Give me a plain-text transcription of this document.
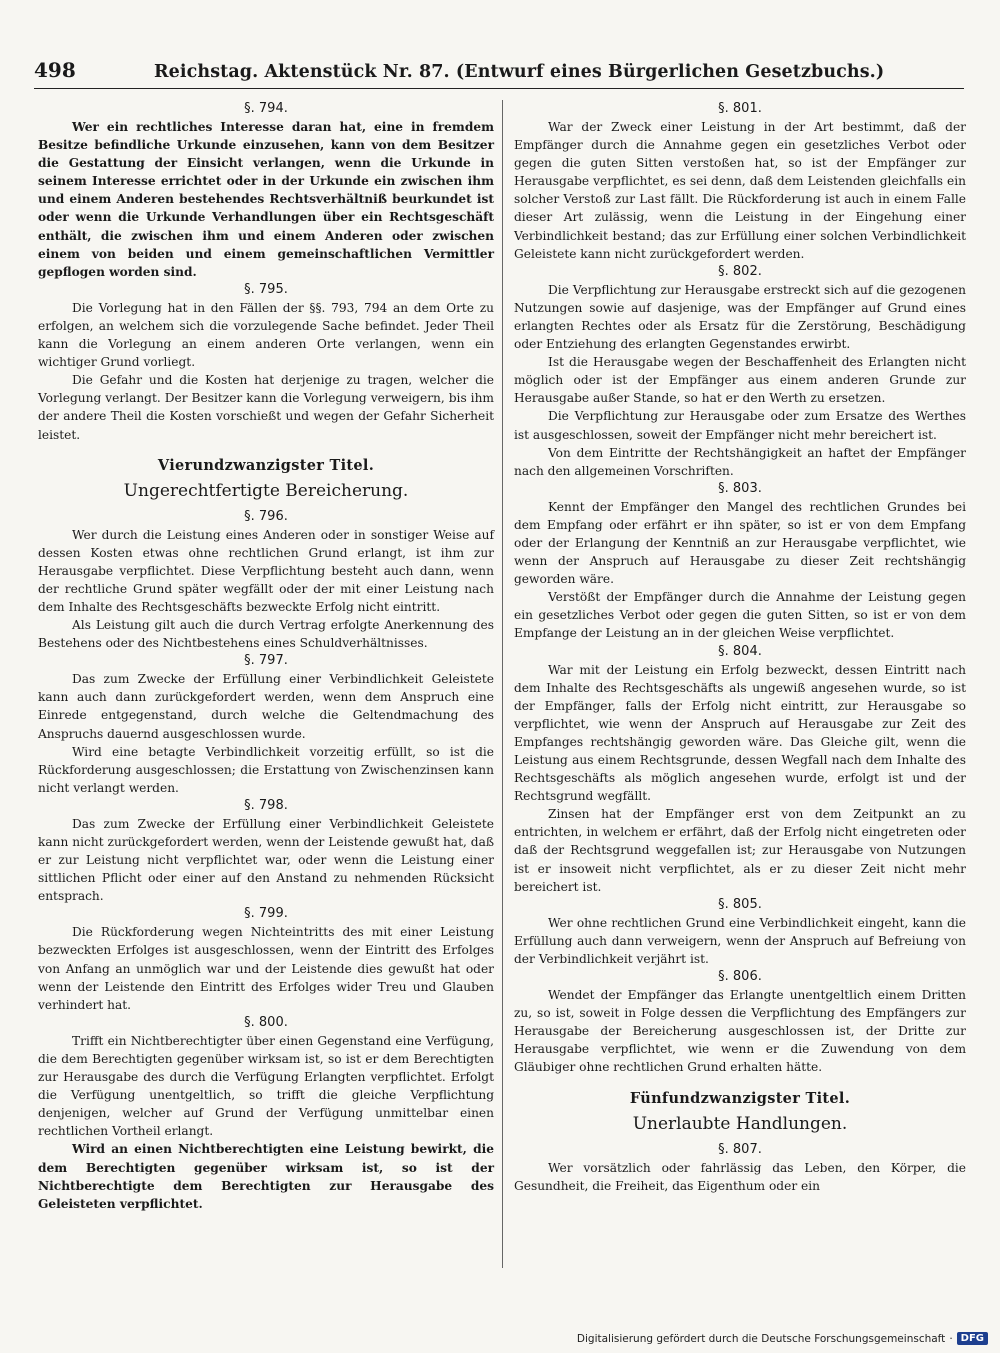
498	Reichstag. Aktenstück Nr. 87. (Entwurf eines Bürgerlichen Gesetzbuchs.)

§. 794.

Wer ein rechtliches Interesse daran hat, eine in fremdem Besitze befindliche Urkunde einzusehen, kann von dem Besitzer die Gestattung der Einsicht verlangen, wenn die Urkunde in seinem Interesse errichtet oder in der Urkunde ein zwischen ihm und einem Anderen bestehendes Rechtsverhältniß beurkundet ist oder wenn die Urkunde Verhandlungen über ein Rechtsgeschäft enthält, die zwischen ihm und einem Anderen oder zwischen einem von beiden und einem gemeinschaftlichen Vermittler gepflogen worden sind.

§. 795.

Die Vorlegung hat in den Fällen der §§. 793, 794 an dem Orte zu erfolgen, an welchem sich die vorzulegende Sache befindet. Jeder Theil kann die Vorlegung an einem anderen Orte verlangen, wenn ein wichtiger Grund vorliegt.

Die Gefahr und die Kosten hat derjenige zu tragen, welcher die Vorlegung verlangt. Der Besitzer kann die Vorlegung verweigern, bis ihm der andere Theil die Kosten vorschießt und wegen der Gefahr Sicherheit leistet.

Vierundzwanzigster Titel.

Ungerechtfertigte Bereicherung.

§. 796.

Wer durch die Leistung eines Anderen oder in sonstiger Weise auf dessen Kosten etwas ohne rechtlichen Grund erlangt, ist ihm zur Herausgabe verpflichtet. Diese Verpflichtung besteht auch dann, wenn der rechtliche Grund später wegfällt oder der mit einer Leistung nach dem Inhalte des Rechtsgeschäfts bezweckte Erfolg nicht eintritt.

Als Leistung gilt auch die durch Vertrag erfolgte Anerkennung des Bestehens oder des Nichtbestehens eines Schuldverhältnisses.

§. 797.

Das zum Zwecke der Erfüllung einer Verbindlichkeit Geleistete kann auch dann zurückgefordert werden, wenn dem Anspruch eine Einrede entgegenstand, durch welche die Geltendmachung des Anspruchs dauernd ausgeschlossen wurde.

Wird eine betagte Verbindlichkeit vorzeitig erfüllt, so ist die Rückforderung ausgeschlossen; die Erstattung von Zwischenzinsen kann nicht verlangt werden.

§. 798.

Das zum Zwecke der Erfüllung einer Verbindlichkeit Geleistete kann nicht zurückgefordert werden, wenn der Leistende gewußt hat, daß er zur Leistung nicht verpflichtet war, oder wenn die Leistung einer sittlichen Pflicht oder einer auf den Anstand zu nehmenden Rücksicht entsprach.

§. 799.

Die Rückforderung wegen Nichteintritts des mit einer Leistung bezweckten Erfolges ist ausgeschlossen, wenn der Eintritt des Erfolges von Anfang an unmöglich war und der Leistende dies gewußt hat oder wenn der Leistende den Eintritt des Erfolges wider Treu und Glauben verhindert hat.

§. 800.

Trifft ein Nichtberechtigter über einen Gegenstand eine Verfügung, die dem Berechtigten gegenüber wirksam ist, so ist er dem Berechtigten zur Herausgabe des durch die Verfügung Erlangten verpflichtet. Erfolgt die Verfügung unentgeltlich, so trifft die gleiche Verpflichtung denjenigen, welcher auf Grund der Verfügung unmittelbar einen rechtlichen Vortheil erlangt.

Wird an einen Nichtberechtigten eine Leistung bewirkt, die dem Berechtigten gegenüber wirksam ist, so ist der Nichtberechtigte dem Berechtigten zur Herausgabe des Geleisteten verpflichtet.

§. 801.

War der Zweck einer Leistung in der Art bestimmt, daß der Empfänger durch die Annahme gegen ein gesetzliches Verbot oder gegen die guten Sitten verstoßen hat, so ist der Empfänger zur Herausgabe verpflichtet, es sei denn, daß dem Leistenden gleichfalls ein solcher Verstoß zur Last fällt. Die Rückforderung ist auch in einem Falle dieser Art zulässig, wenn die Leistung in der Eingehung einer Verbindlichkeit bestand; das zur Erfüllung einer solchen Verbindlichkeit Geleistete kann nicht zurückgefordert werden.

§. 802.

Die Verpflichtung zur Herausgabe erstreckt sich auf die gezogenen Nutzungen sowie auf dasjenige, was der Empfänger auf Grund eines erlangten Rechtes oder als Ersatz für die Zerstörung, Beschädigung oder Entziehung des erlangten Gegenstandes erwirbt.

Ist die Herausgabe wegen der Beschaffenheit des Erlangten nicht möglich oder ist der Empfänger aus einem anderen Grunde zur Herausgabe außer Stande, so hat er den Werth zu ersetzen.

Die Verpflichtung zur Herausgabe oder zum Ersatze des Werthes ist ausgeschlossen, soweit der Empfänger nicht mehr bereichert ist.

Von dem Eintritte der Rechtshängigkeit an haftet der Empfänger nach den allgemeinen Vorschriften.

§. 803.

Kennt der Empfänger den Mangel des rechtlichen Grundes bei dem Empfang oder erfährt er ihn später, so ist er von dem Empfang oder der Erlangung der Kenntniß an zur Herausgabe verpflichtet, wie wenn der Anspruch auf Herausgabe zu dieser Zeit rechtshängig geworden wäre.

Verstößt der Empfänger durch die Annahme der Leistung gegen ein gesetzliches Verbot oder gegen die guten Sitten, so ist er von dem Empfange der Leistung an in der gleichen Weise verpflichtet.

§. 804.

War mit der Leistung ein Erfolg bezweckt, dessen Eintritt nach dem Inhalte des Rechtsgeschäfts als ungewiß angesehen wurde, so ist der Empfänger, falls der Erfolg nicht eintritt, zur Herausgabe so verpflichtet, wie wenn der Anspruch auf Herausgabe zur Zeit des Empfanges rechtshängig geworden wäre. Das Gleiche gilt, wenn die Leistung aus einem Rechtsgrunde, dessen Wegfall nach dem Inhalte des Rechtsgeschäfts als möglich angesehen wurde, erfolgt ist und der Rechtsgrund wegfällt.

Zinsen hat der Empfänger erst von dem Zeitpunkt an zu entrichten, in welchem er erfährt, daß der Erfolg nicht eingetreten oder daß der Rechtsgrund weggefallen ist; zur Herausgabe von Nutzungen ist er insoweit nicht verpflichtet, als er zu dieser Zeit nicht mehr bereichert ist.

§. 805.

Wer ohne rechtlichen Grund eine Verbindlichkeit eingeht, kann die Erfüllung auch dann verweigern, wenn der Anspruch auf Befreiung von der Verbindlichkeit verjährt ist.

§. 806.

Wendet der Empfänger das Erlangte unentgeltlich einem Dritten zu, so ist, soweit in Folge dessen die Verpflichtung des Empfängers zur Herausgabe der Bereicherung ausgeschlossen ist, der Dritte zur Herausgabe verpflichtet, wie wenn er die Zuwendung von dem Gläubiger ohne rechtlichen Grund erhalten hätte.

Fünfundzwanzigster Titel.

Unerlaubte Handlungen.

§. 807.

Wer vorsätzlich oder fahrlässig das Leben, den Körper, die Gesundheit, die Freiheit, das Eigenthum oder ein

Digitalisierung gefördert durch die Deutsche Forschungsgemeinschaft · DFG
